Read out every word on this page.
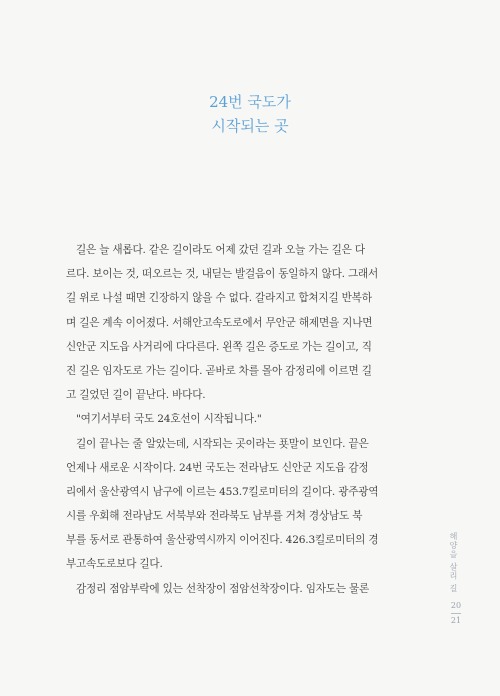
24번 국도가
시작되는 곳
길은 늘 새롭다. 같은 길이라도 어제 갔던 길과 오늘 가는 길은 다
르다. 보이는 것, 떠오르는 것, 내딛는 발걸음이 동일하지 않다. 그래서
길 위로 나설 때면 긴장하지 않을 수 없다. 갈라지고 합쳐지길 반복하
며 길은 계속 이어졌다. 서해안고속도로에서 무안군 해제면을 지나면
신안군 지도읍 사거리에 다다른다. 왼쪽 길은 증도로 가는 길이고, 직
진 길은 임자도로 가는 길이다. 곧바로 차를 몰아 감정리에 이르면 길
고 길었던 길이 끝난다. 바다다.
"여기서부터 국도 24호선이 시작됩니다."
길이 끝나는 줄 알았는데, 시작되는 곳이라는 푯말이 보인다. 끝은
언제나 새로운 시작이다. 24번 국도는 전라남도 신안군 지도읍 감정
리에서 울산광역시 남구에 이르는 453.7킬로미터의 길이다. 광주광역
시를 우회해 전라남도 서북부와 전라북도 남부를 거쳐 경상남도 북
부를 동서로 관통하여 울산광역시까지 이어진다. 426.3킬로미터의 경
부고속도로보다 길다.
감정리 점암부락에 있는 선착장이 점암선착장이다. 임자도는 물론	해양을 살리 길
20
21
